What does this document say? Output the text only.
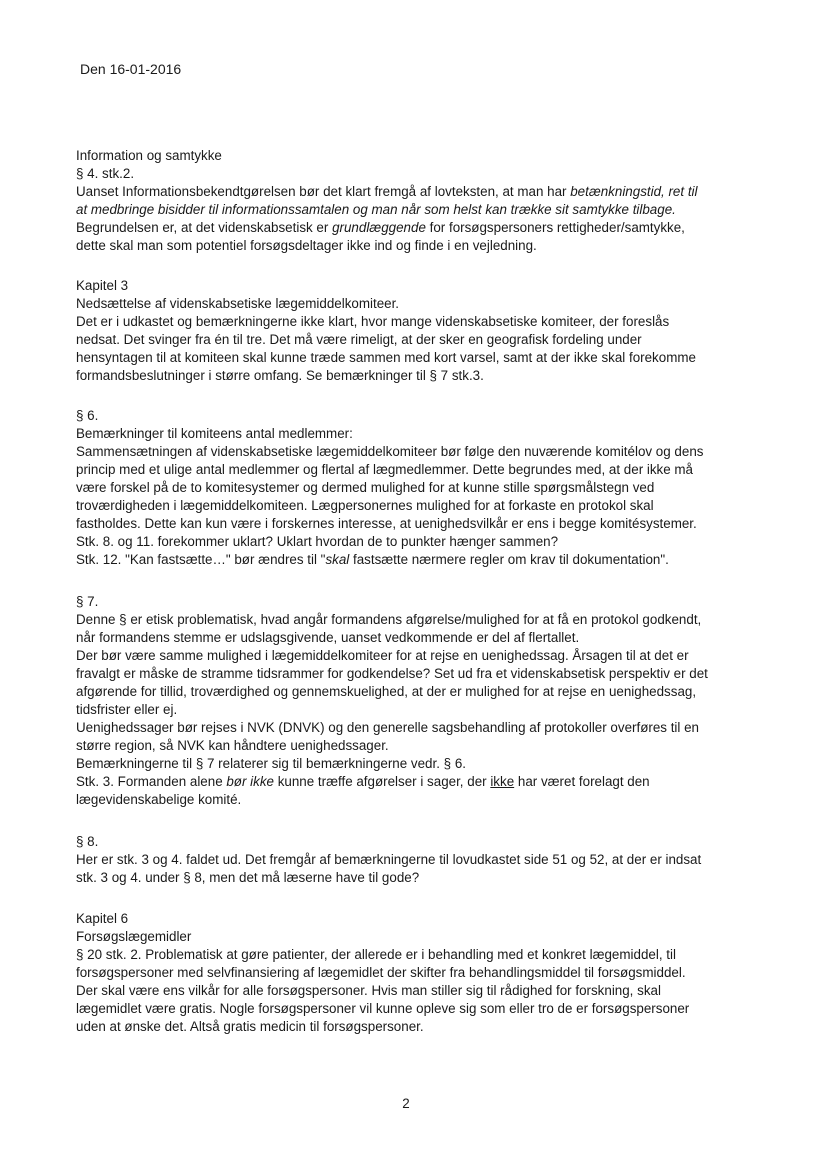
Den 16-01-2016
Information og samtykke
§ 4. stk.2.
Uanset Informationsbekendtgørelsen bør det klart fremgå af lovteksten, at man har betænkningstid, ret til
at medbringe bisidder til informationssamtalen og man når som helst kan trække sit samtykke tilbage.
Begrundelsen er, at det videnskabsetisk er grundlæggende for forsøgspersoners rettigheder/samtykke,
dette skal man som potentiel forsøgsdeltager ikke ind og finde i en vejledning.
Kapitel 3
Nedsættelse af videnskabsetiske lægemiddelkomiteer.
Det er i udkastet og bemærkningerne ikke klart, hvor mange videnskabsetiske komiteer, der foreslås
nedsat. Det svinger fra én til tre. Det må være rimeligt, at der sker en geografisk fordeling under
hensyntagen til at komiteen skal kunne træde sammen med kort varsel, samt at der ikke skal forekomme
formandsbeslutninger i større omfang. Se bemærkninger til § 7 stk.3.
§ 6.
Bemærkninger til komiteens antal medlemmer:
Sammensætningen af videnskabsetiske lægemiddelkomiteer bør følge den nuværende komitélov og dens
princip med et ulige antal medlemmer og flertal af lægmedlemmer. Dette begrundes med, at der ikke må
være forskel på de to komitesystemer og dermed mulighed for at kunne stille spørgsmålstegn ved
troværdigheden i lægemiddelkomiteen. Lægpersonernes mulighed for at forkaste en protokol skal
fastholdes. Dette kan kun være i forskernes interesse, at uenighedsvilkår er ens i begge komitésystemer.
Stk. 8. og 11. forekommer uklart? Uklart hvordan de to punkter hænger sammen?
Stk. 12. "Kan fastsætte…" bør ændres til "skal fastsætte nærmere regler om krav til dokumentation".
§ 7.
Denne § er etisk problematisk, hvad angår formandens afgørelse/mulighed for at få en protokol godkendt,
når formandens stemme er udslagsgivende, uanset vedkommende er del af flertallet.
Der bør være samme mulighed i lægemiddelkomiteer for at rejse en uenighedssag. Årsagen til at det er
fravalgt er måske de stramme tidsrammer for godkendelse? Set ud fra et videnskabsetisk perspektiv er det
afgørende for tillid, troværdighed og gennemskuelighed, at der er mulighed for at rejse en uenighedssag,
tidsfrister eller ej.
Uenighedssager bør rejses i NVK (DNVK) og den generelle sagsbehandling af protokoller overføres til en
større region, så NVK kan håndtere uenighedssager.
Bemærkningerne til § 7 relaterer sig til bemærkningerne vedr. § 6.
Stk. 3. Formanden alene bør ikke kunne træffe afgørelser i sager, der ikke har været forelagt den
lægevidenskabelige komité.
§ 8.
Her er stk. 3 og 4. faldet ud. Det fremgår af bemærkningerne til lovudkastet side 51 og 52, at der er indsat
stk. 3 og 4. under § 8, men det må læserne have til gode?
Kapitel 6
Forsøgslægemidler
§ 20 stk. 2. Problematisk at gøre patienter, der allerede er i behandling med et konkret lægemiddel, til
forsøgspersoner med selvfinansiering af lægemidlet der skifter fra behandlingsmiddel til forsøgsmiddel.
Der skal være ens vilkår for alle forsøgspersoner. Hvis man stiller sig til rådighed for forskning, skal
lægemidlet være gratis. Nogle forsøgspersoner vil kunne opleve sig som eller tro de er forsøgspersoner
uden at ønske det. Altså gratis medicin til forsøgspersoner.
2
